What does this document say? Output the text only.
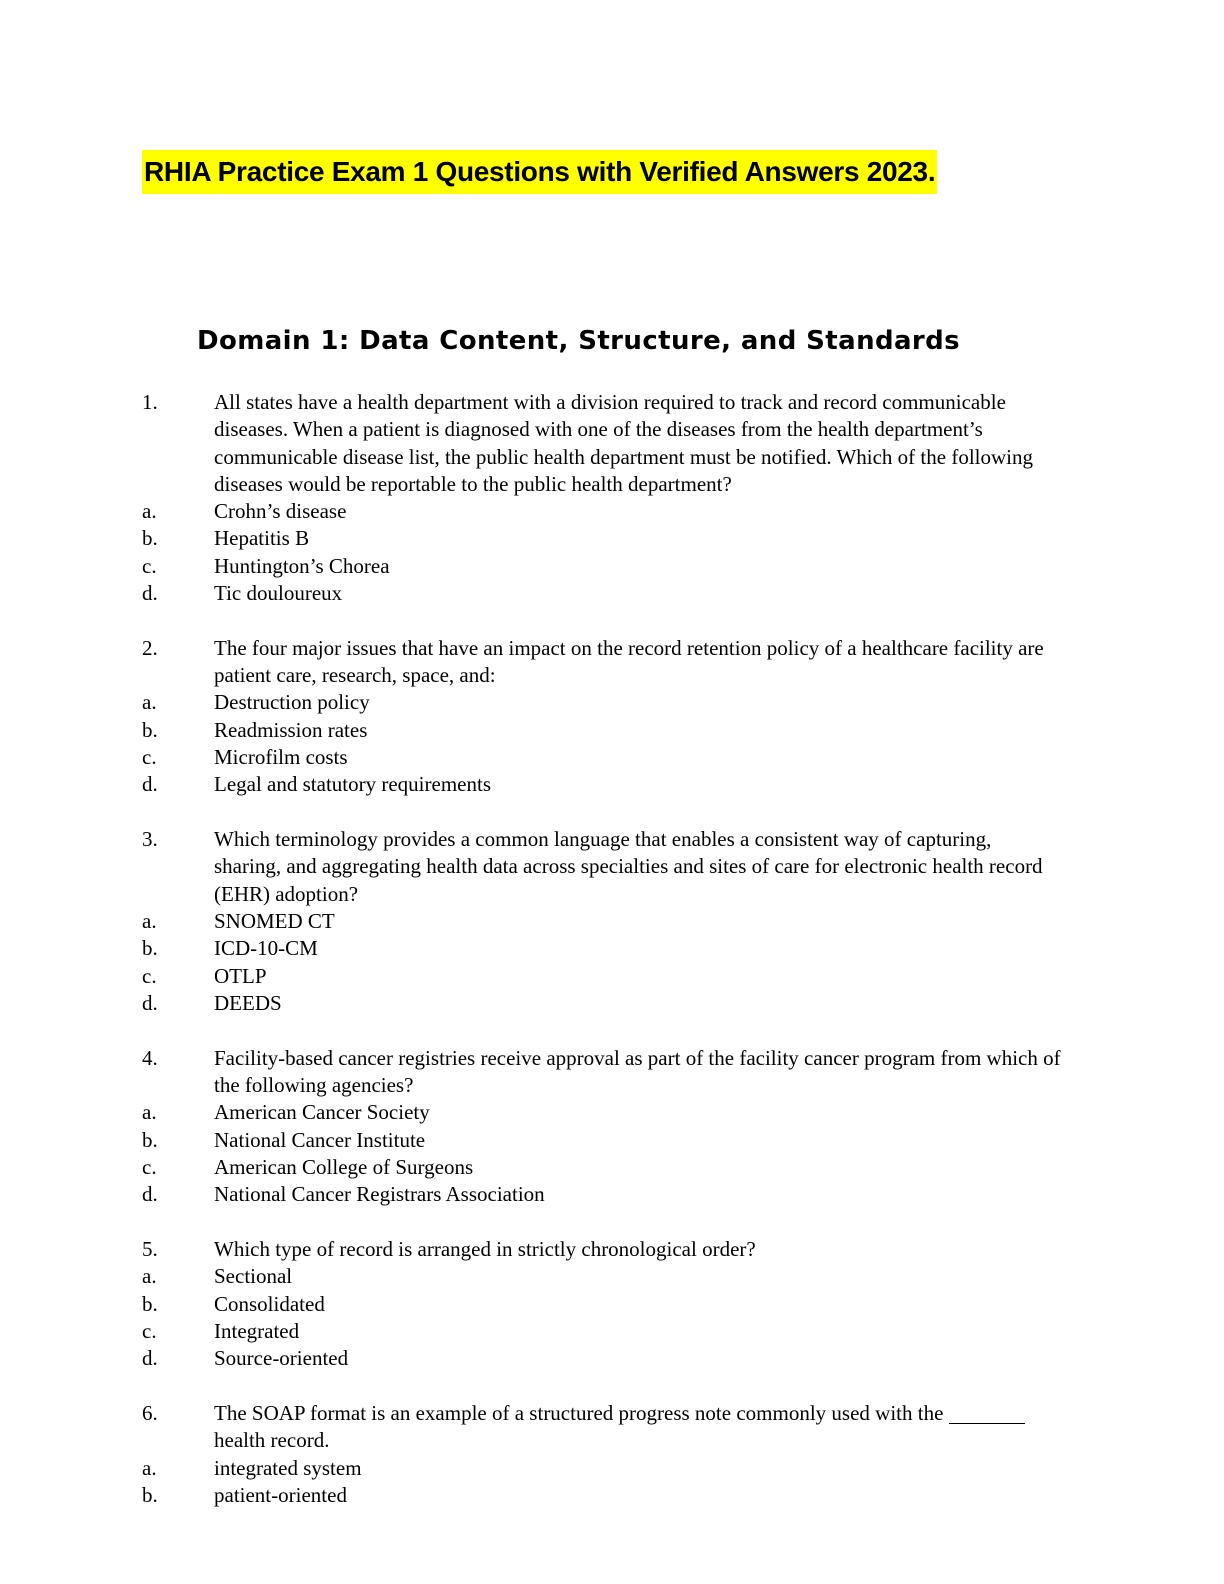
RHIA Practice Exam 1 Questions with Verified Answers 2023.
Domain 1: Data Content, Structure, and Standards
1.	All states have a health department with a division required to track and record communicable diseases. When a patient is diagnosed with one of the diseases from the health department’s communicable disease list, the public health department must be notified. Which of the following diseases would be reportable to the public health department?
a.	Crohn’s disease
b.	Hepatitis B
c.	Huntington’s Chorea
d.	Tic douloureux
2.	The four major issues that have an impact on the record retention policy of a healthcare facility are patient care, research, space, and:
a.	Destruction policy
b.	Readmission rates
c.	Microfilm costs
d.	Legal and statutory requirements
3.	Which terminology provides a common language that enables a consistent way of capturing, sharing, and aggregating health data across specialties and sites of care for electronic health record (EHR) adoption?
a.	SNOMED CT
b.	ICD-10-CM
c.	OTLP
d.	DEEDS
4.	Facility-based cancer registries receive approval as part of the facility cancer program from which of the following agencies?
a.	American Cancer Society
b.	National Cancer Institute
c.	American College of Surgeons
d.	National Cancer Registrars Association
5.	Which type of record is arranged in strictly chronological order?
a.	Sectional
b.	Consolidated
c.	Integrated
d.	Source-oriented
6.	The SOAP format is an example of a structured progress note commonly used with the health record.
a.	integrated system
b.	patient-oriented
